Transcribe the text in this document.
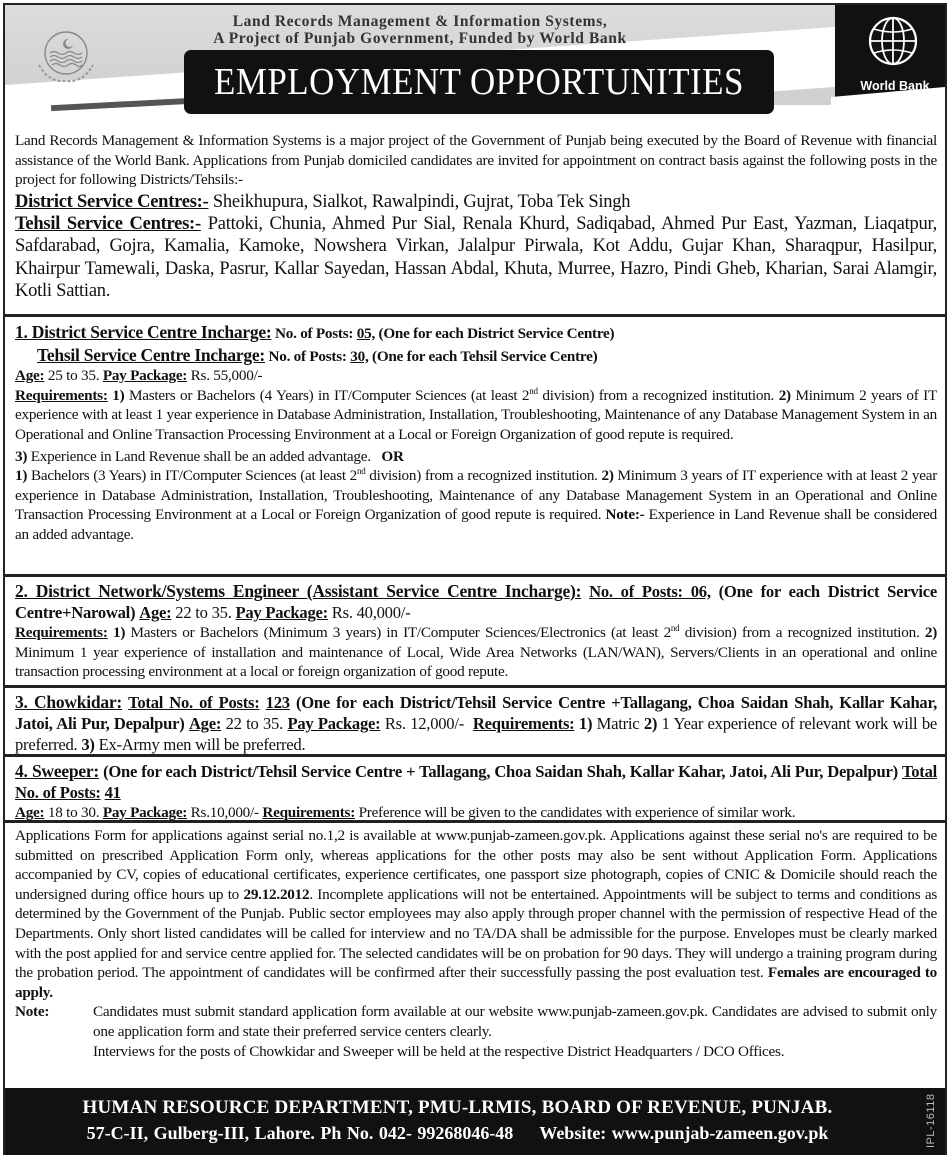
Land Records Management & Information Systems,
A Project of Punjab Government, Funded by World Bank
EMPLOYMENT OPPORTUNITIES	World Bank

Land Records Management & Information Systems is a major project of the Government of Punjab being executed by the Board of Revenue with financial assistance of the World Bank. Applications from Punjab domiciled candidates are invited for appointment on contract basis against the following posts in the project for following Districts/Tehsils:-

District Service Centres:- Sheikhupura, Sialkot, Rawalpindi, Gujrat, Toba Tek Singh

Tehsil Service Centres:- Pattoki, Chunia, Ahmed Pur Sial, Renala Khurd, Sadiqabad, Ahmed Pur East, Yazman, Liaqatpur, Safdarabad, Gojra, Kamalia, Kamoke, Nowshera Virkan, Jalalpur Pirwala, Kot Addu, Gujar Khan, Sharaqpur, Hasilpur, Khairpur Tamewali, Daska, Pasrur, Kallar Sayedan, Hassan Abdal, Khuta, Murree, Hazro, Pindi Gheb, Kharian, Sarai Alamgir, Kotli Sattian.

1. District Service Centre Incharge: No. of Posts: 05, (One for each District Service Centre)

Tehsil Service Centre Incharge: No. of Posts: 30, (One for each Tehsil Service Centre)

Age: 25 to 35. Pay Package: Rs. 55,000/-

Requirements: 1) Masters or Bachelors (4 Years) in IT/Computer Sciences (at least 2nd division) from a recognized institution. 2) Minimum 2 years of IT experience with at least 1 year experience in Database Administration, Installation, Troubleshooting, Maintenance of any Database Management System in an Operational and Online Transaction Processing Environment at a Local or Foreign Organization of good repute is required.

3) Experience in Land Revenue shall be an added advantage. OR

1) Bachelors (3 Years) in IT/Computer Sciences (at least 2nd division) from a recognized institution. 2) Minimum 3 years of IT experience with at least 2 year experience in Database Administration, Installation, Troubleshooting, Maintenance of any Database Management System in an Operational and Online Transaction Processing Environment at a Local or Foreign Organization of good repute is required. Note:- Experience in Land Revenue shall be considered an added advantage.

2. District Network/Systems Engineer (Assistant Service Centre Incharge): No. of Posts: 06, (One for each District Service Centre+Narowal) Age: 22 to 35. Pay Package: Rs. 40,000/-

Requirements: 1) Masters or Bachelors (Minimum 3 years) in IT/Computer Sciences/Electronics (at least 2nd division) from a recognized institution. 2) Minimum 1 year experience of installation and maintenance of Local, Wide Area Networks (LAN/WAN), Servers/Clients in an operational and online transaction processing environment at a local or foreign organization of good repute.

3. Chowkidar: Total No. of Posts: 123 (One for each District/Tehsil Service Centre +Tallagang, Choa Saidan Shah, Kallar Kahar, Jatoi, Ali Pur, Depalpur) Age: 22 to 35. Pay Package: Rs. 12,000/- Requirements: 1) Matric 2) 1 Year experience of relevant work will be preferred. 3) Ex-Army men will be preferred.

4. Sweeper: (One for each District/Tehsil Service Centre + Tallagang, Choa Saidan Shah, Kallar Kahar, Jatoi, Ali Pur, Depalpur) Total No. of Posts: 41

Age: 18 to 30. Pay Package: Rs.10,000/- Requirements: Preference will be given to the candidates with experience of similar work.

Applications Form for applications against serial no.1,2 is available at www.punjab-zameen.gov.pk. Applications against these serial no's are required to be submitted on prescribed Application Form only, whereas applications for the other posts may also be sent without Application Form. Applications accompanied by CV, copies of educational certificates, experience certificates, one passport size photograph, copies of CNIC & Domicile should reach the undersigned during office hours up to 29.12.2012. Incomplete applications will not be entertained. Appointments will be subject to terms and conditions as determined by the Government of the Punjab. Public sector employees may also apply through proper channel with the permission of respective Head of the Departments. Only short listed candidates will be called for interview and no TA/DA shall be admissible for the purpose. Envelopes must be clearly marked with the post applied for and service centre applied for. The selected candidates will be on probation for 90 days. They will undergo a training program during the probation period. The appointment of candidates will be confirmed after their successfully passing the post evaluation test. Females are encouraged to apply.

Note:	Candidates must submit standard application form available at our website www.punjab-zameen.gov.pk. Candidates are advised to submit only one application form and state their preferred service centers clearly.

Interviews for the posts of Chowkidar and Sweeper will be held at the respective District Headquarters / DCO Offices.

HUMAN RESOURCE DEPARTMENT, PMU-LRMIS, BOARD OF REVENUE, PUNJAB.
57-C-II, Gulberg-III, Lahore. Ph No. 042- 99268046-48 Website: www.punjab-zameen.gov.pk	IPL-16118
